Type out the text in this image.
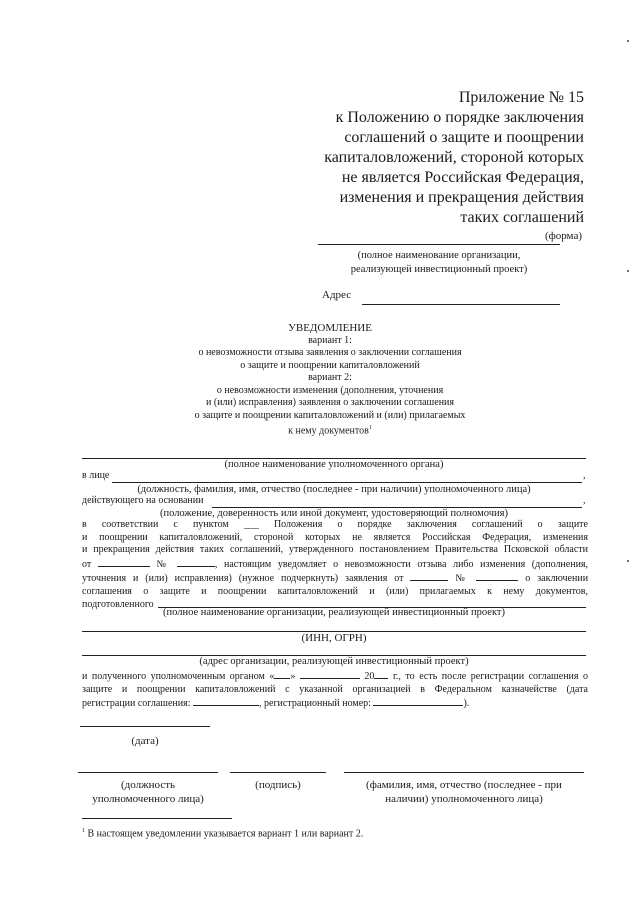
Приложение № 15
к Положению о порядке заключения
соглашений о защите и поощрении
капиталовложений, стороной которых
не является Российская Федерация,
изменения и прекращения действия
таких соглашений
(форма)
(полное наименование организации,
реализующей инвестиционный проект)
Адрес
УВЕДОМЛЕНИЕ
вариант 1:
о невозможности отзыва заявления о заключении соглашения
о защите и поощрении капиталовложений
вариант 2:
о невозможности изменения (дополнения, уточнения
и (или) исправления) заявления о заключении соглашения
о защите и поощрении капиталовложений и (или) прилагаемых
к нему документов$^1$
(полное наименование уполномоченного органа)
в лице	,
(должность, фамилия, имя, отчество (последнее - при наличии) уполномоченного лица)
действующего на основании	,
(положение, доверенность или иной документ, удостоверяющий полномочия)
в соответствии с пунктом ___ Положения о порядке заключения соглашений о защите
и поощрении капиталовложений, стороной которых не является Российская Федерация, изменения
и прекращения действия таких соглашений, утвержденного постановлением Правительства Псковской области
от	№	, настоящим уведомляет о невозможности отзыва либо изменения (дополнения,
уточнения и (или) исправления) (нужное подчеркнуть) заявления от	№	о заключении
соглашения о защите и поощрении капиталовложений и (или) прилагаемых к нему документов,
подготовленного
(полное наименование организации, реализующей инвестиционный проект)
(ИНН, ОГРН)
(адрес организации, реализующей инвестиционный проект)
и полученного уполномоченным органом « »	20 г., то есть после регистрации соглашения о
защите и поощрении капиталовложений с указанной организацией в Федеральном казначействе (дата
регистрации соглашения:	, регистрационный номер:	).
(дата)
(должность
уполномоченного лица)
(подпись)	(фамилия, имя, отчество (последнее - при
наличии) уполномоченного лица)
$^1$ В настоящем уведомлении указывается вариант 1 или вариант 2.
